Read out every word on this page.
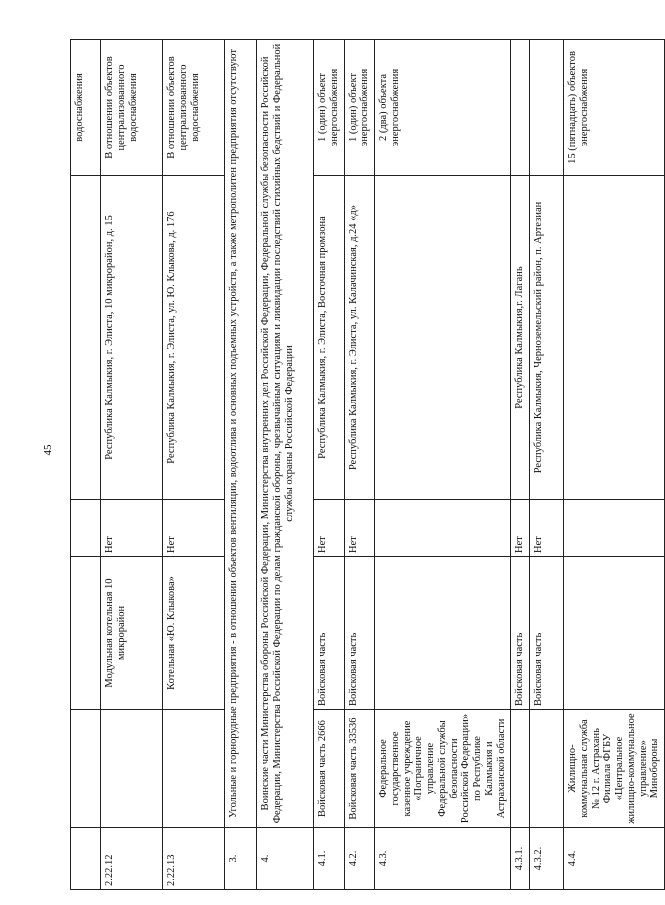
45
					водоснабжения
2.22.12		Модульная котельная 10 микрорайон	Нет	Республика Калмыкия, г. Элиста, 10 микрорайон, д. 15	В отношении объектов централизованного водоснабжения
2.22.13		Котельная «Ю. Клыкова»	Нет	Республика Калмыкия, г. Элиста, ул. Ю. Клыкова, д. 176	В отношении объектов централизованного водоснабжения
3.	Угольные и горнорудные предприятия - в отношении объектов вентиляции, водоотлива и основных подъемных устройств, а также метрополитен предприятия отсутствуют				
4.	Воинские части Министерства обороны Российской Федерации, Министерства внутренних дел Российской Федерации, Федеральной службы безопасности Российской Федерации, Министерства Российской Федерации по делам гражданской обороны, чрезвычайным ситуациям и ликвидации последствий стихийных бедствий и Федеральной службы охраны Российской Федерации				
4.1.	Войсковая часть 2666	Войсковая часть	Нет	Республика Калмыкия, г. Элиста, Восточная промзона	1 (один) объект энергоснабжения
4.2.	Войсковая часть 33536	Войсковая часть	Нет	Республика Калмыкия, г. Элиста, ул. Калачинская, д.24 «д»	1 (один) объект энергоснабжения
4.3.	Федеральное государственное казенное учреждение «Пограничное управление Федеральной службы безопасности Российской Федерации» по Республике Калмыкия и Астраханской области				2 (два) объекта энергоснабжения
4.3.1.		Войсковая часть	Нет	Республика Калмыкия,г. Лагань	
4.3.2.		Войсковая часть	Нет	Республика Калмыкия, Черноземельский район, п. Артезиан	
4.4.	Жилищно-коммунальная служба № 12 г. Астрахань Филиала ФГБУ «Центральное жилищно-коммунальное управление» Минобороны				15 (пятнадцать) объектов энергоснабжения
